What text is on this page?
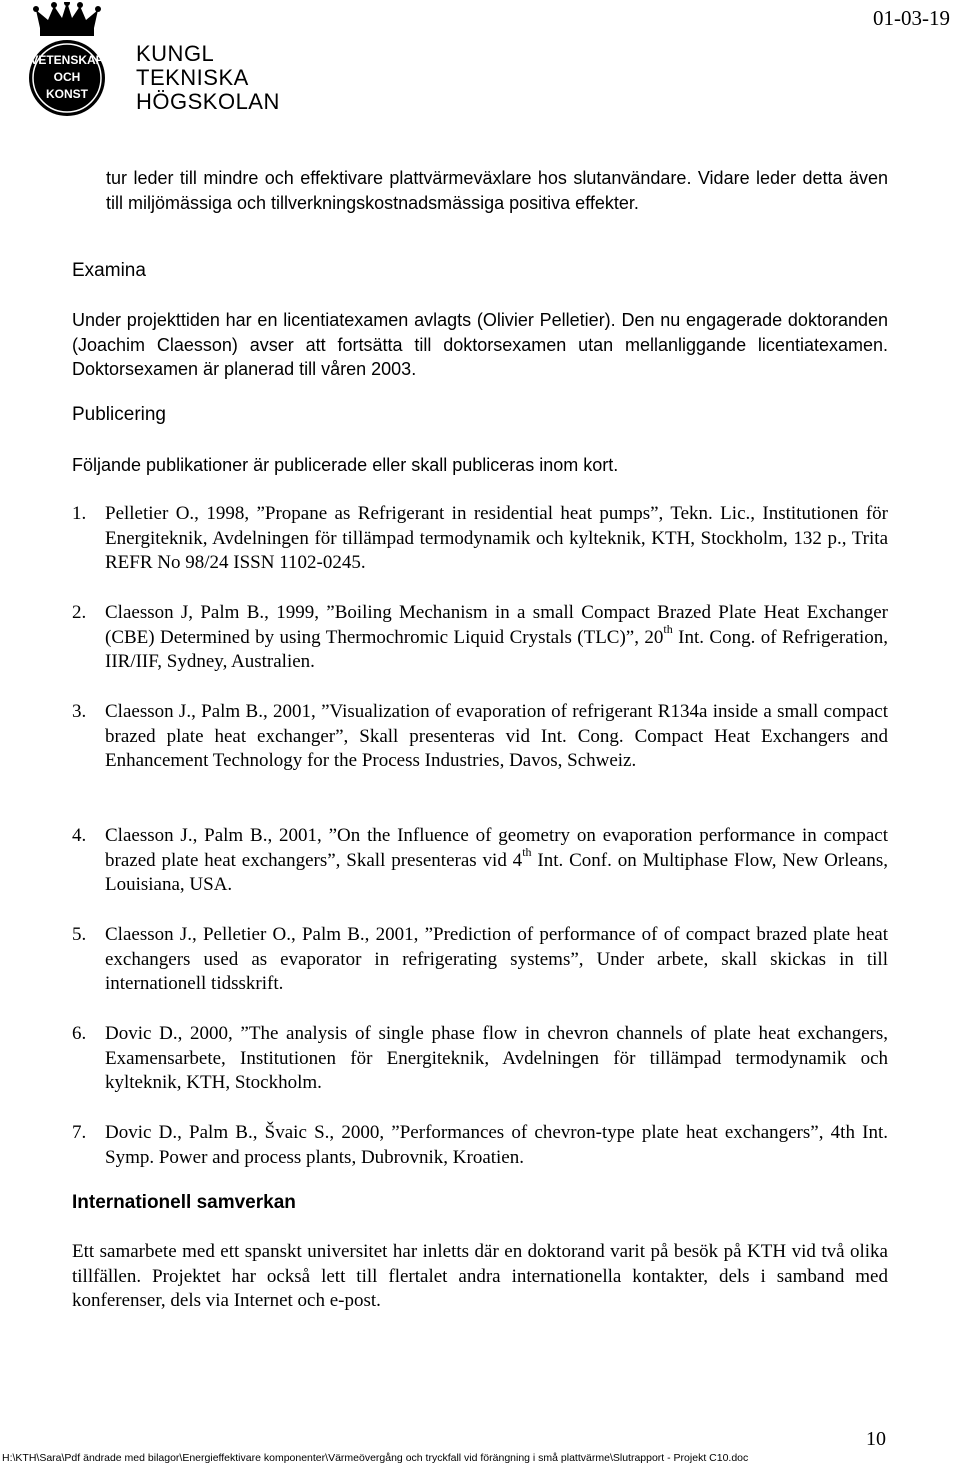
VETENSKAP
OCH
KONST
KUNGL
TEKNISKA
HÖGSKOLAN
01-03-19
tur leder till mindre och effektivare plattvärmeväxlare hos slutanvändare. Vidare leder detta även till miljömässiga och tillverkningskostnadsmässiga positiva effekter.
Examina
Under projekttiden har en licentiatexamen avlagts (Olivier Pelletier). Den nu engagerade doktoranden (Joachim Claesson) avser att fortsätta till doktorsexamen utan mellanliggande licentiatexamen. Doktorsexamen är planerad till våren 2003.
Publicering
Följande publikationer är publicerade eller skall publiceras inom kort.
1. Pelletier O., 1998, ”Propane as Refrigerant in residential heat pumps”, Tekn. Lic., Institutionen för Energiteknik, Avdelningen för tillämpad termodynamik och kylteknik, KTH, Stockholm, 132 p., Trita REFR No 98/24 ISSN 1102-0245.
2. Claesson J, Palm B., 1999, ”Boiling Mechanism in a small Compact Brazed Plate Heat Exchanger (CBE) Determined by using Thermochromic Liquid Crystals (TLC)”, 20th Int. Cong. of Refrigeration, IIR/IIF, Sydney, Australien.
3. Claesson J., Palm B., 2001, ”Visualization of evaporation of refrigerant R134a inside a small compact brazed plate heat exchanger”, Skall presenteras vid Int. Cong. Compact Heat Exchangers and Enhancement Technology for the Process Industries, Davos, Schweiz.
4. Claesson J., Palm B., 2001, ”On the Influence of geometry on evaporation performance in compact brazed plate heat exchangers”, Skall presenteras vid 4th Int. Conf. on Multiphase Flow, New Orleans, Louisiana, USA.
5. Claesson J., Pelletier O., Palm B., 2001, ”Prediction of performance of of compact brazed plate heat exchangers used as evaporator in refrigerating systems”, Under arbete, skall skickas in till internationell tidsskrift.
6. Dovic D., 2000, ”The analysis of single phase flow in chevron channels of plate heat exchangers, Examensarbete, Institutionen för Energiteknik, Avdelningen för tillämpad termodynamik och kylteknik, KTH, Stockholm.
7. Dovic D., Palm B., Švaic S., 2000, ”Performances of chevron-type plate heat exchangers”, 4th Int. Symp. Power and process plants, Dubrovnik, Kroatien.
Internationell samverkan
Ett samarbete med ett spanskt universitet har inletts där en doktorand varit på besök på KTH vid två olika tillfällen. Projektet har också lett till flertalet andra internationella kontakter, dels i samband med konferenser, dels via Internet och e-post.
10
H:\KTH\Sara\Pdf ändrade med bilagor\Energieffektivare komponenter\Värmeövergång och tryckfall vid förängning i små plattvärme\Slutrapport - Projekt C10.doc
